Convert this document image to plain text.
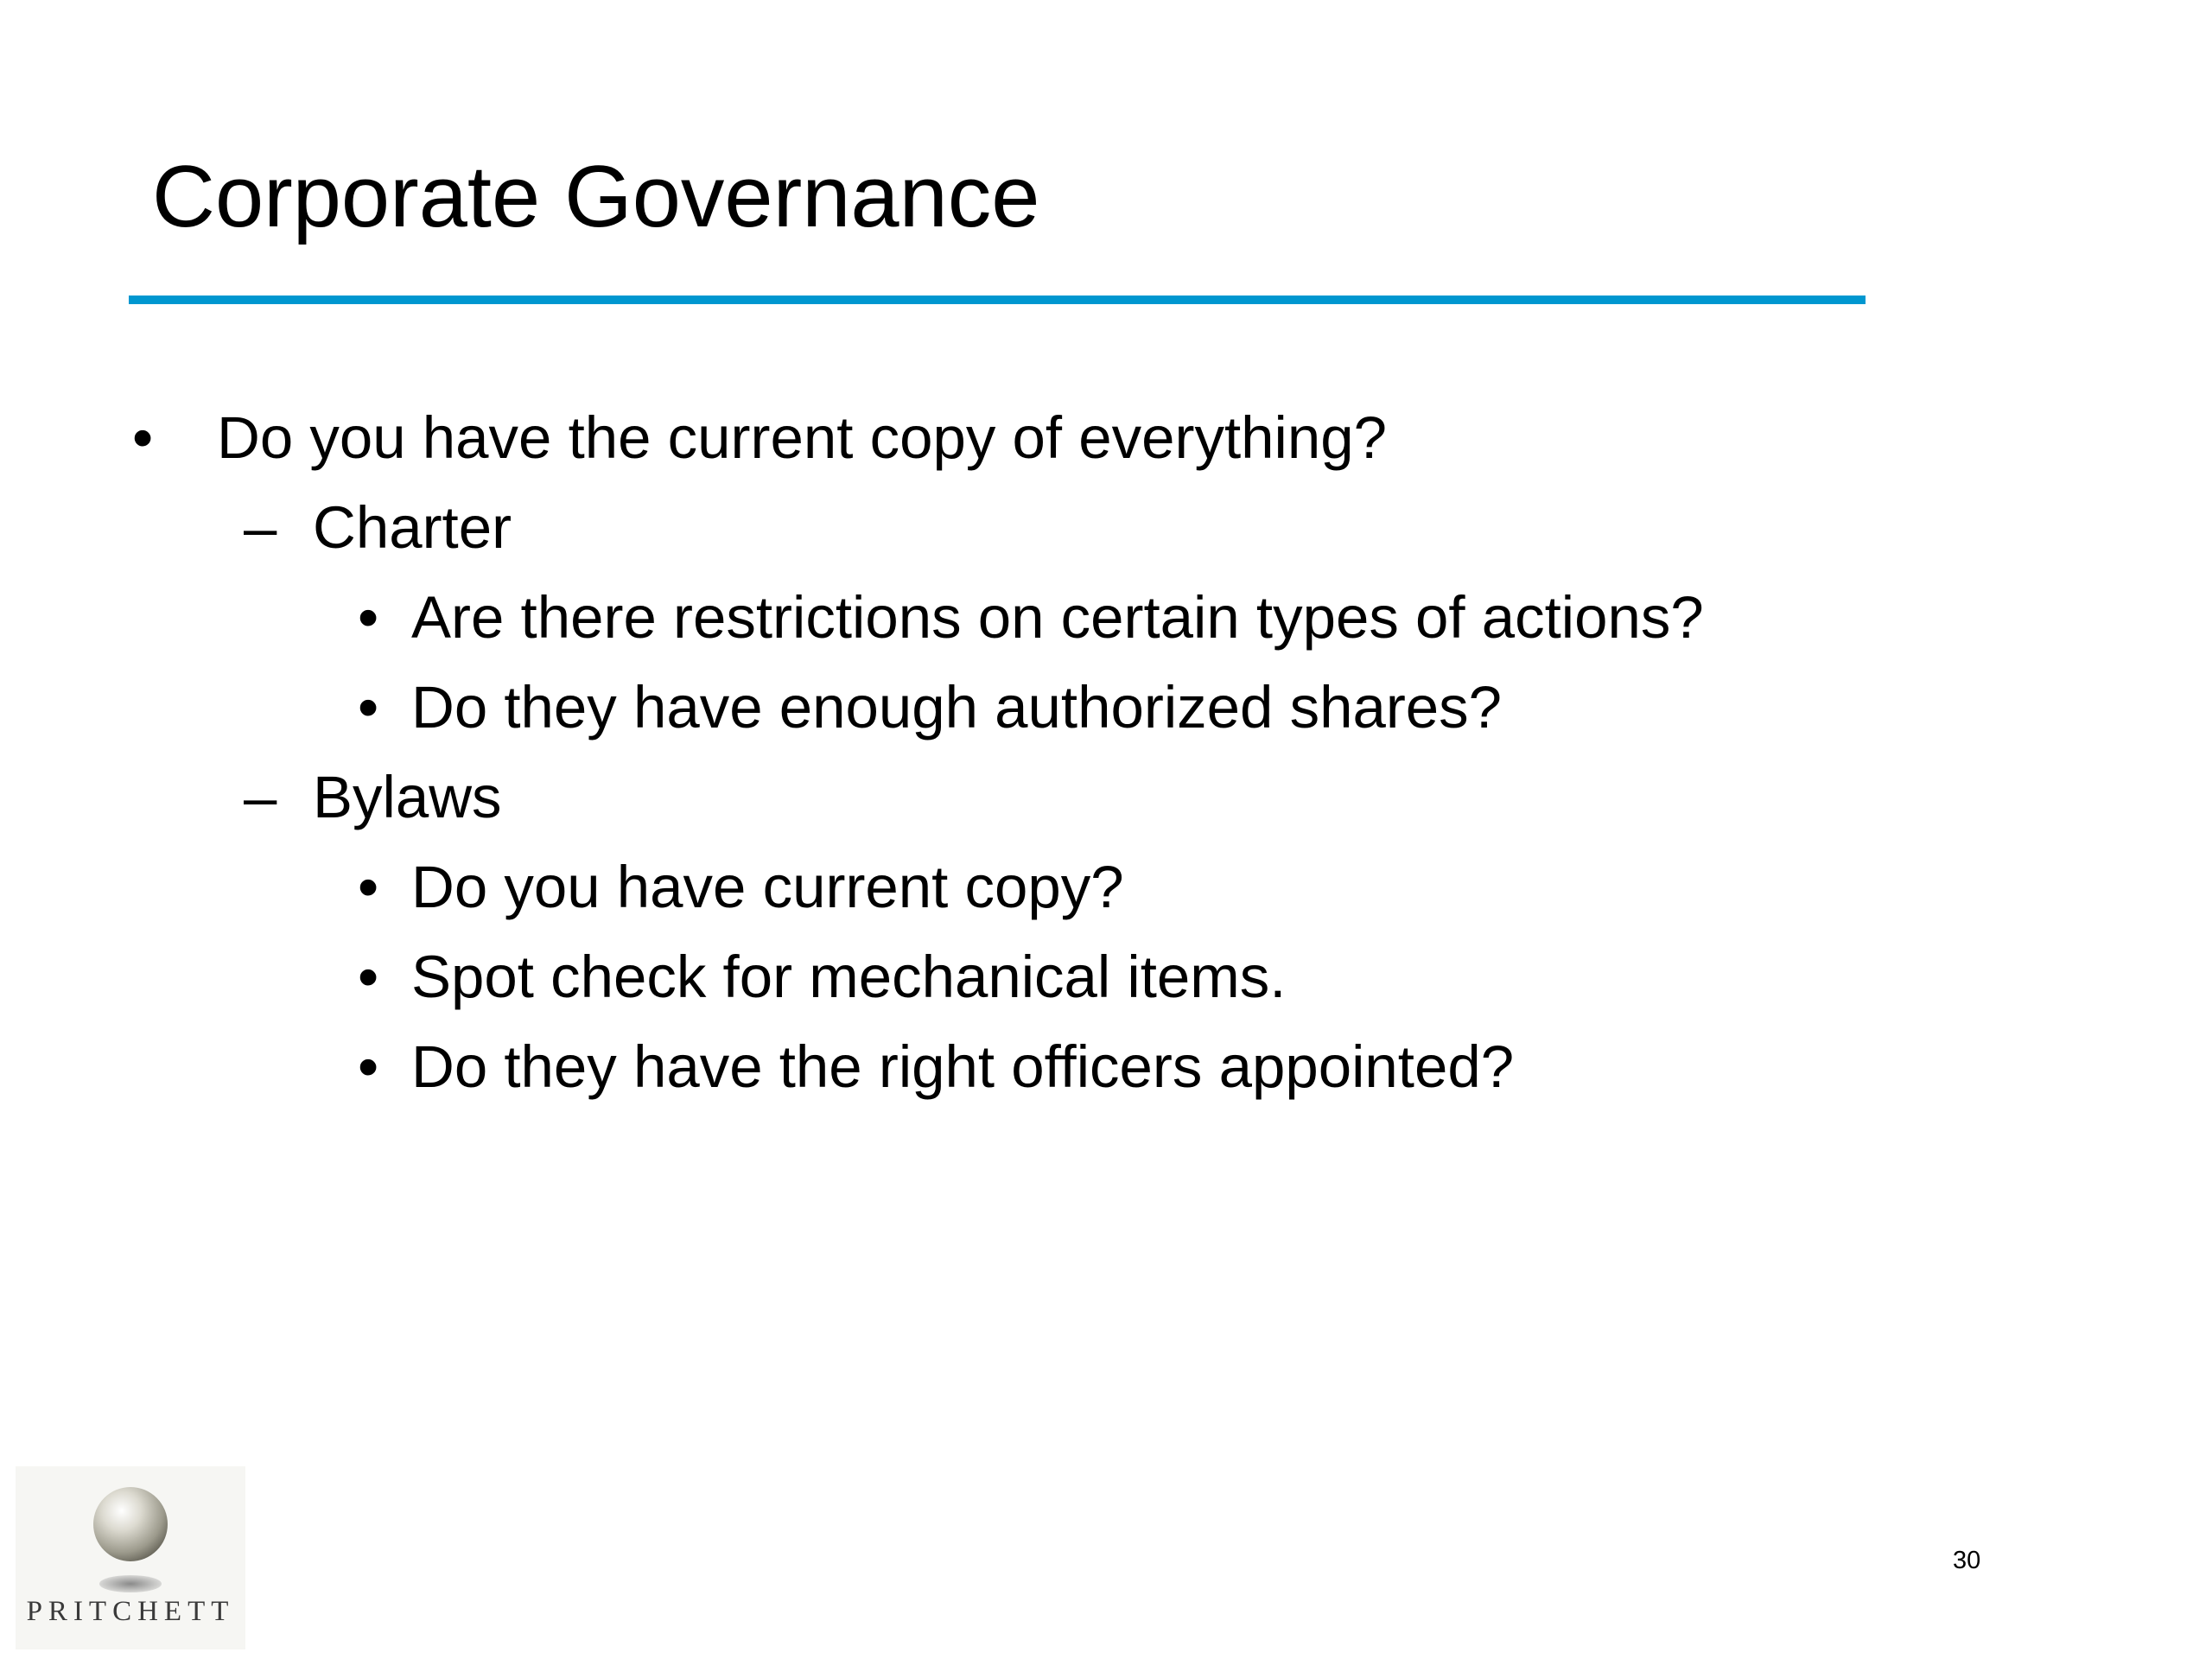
Corporate Governance
• Do you have the current copy of everything?
– Charter
• Are there restrictions on certain types of actions?
• Do they have enough authorized shares?
– Bylaws
• Do you have current copy?
• Spot check for mechanical items.
• Do they have the right officers appointed?
PRITCHETT
30
